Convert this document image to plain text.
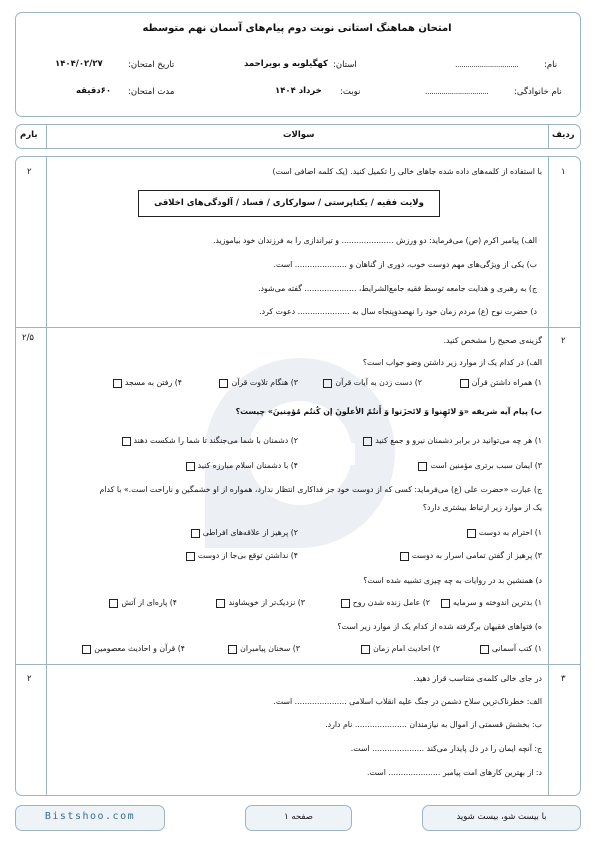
امتحان هماهنگ استانی نوبت دوم پیام‌های آسمان نهم متوسطه
نام:
...............................
استان:
کهگیلویه و بویراحمد
تاریخ امتحان:
۱۴۰۴/۰۲/۲۷
نام خانوادگی:
...............................
نوبت:
خرداد ۱۴۰۴
مدت امتحان:
۶۰دقیقه
ردیف
سوالات
بارم
۱
۲	با استفاده از کلمه‌های داده شده جاهای خالی را تکمیل کنید. (یک کلمه اضافی است)
ولایت فقیه / یکتاپرستی / سوارکاری / فساد / آلودگی‌های اخلاقی
الف) پیامبر اکرم (ص) می‌فرماید: دو ورزش ..................... و تیراندازی را به فرزندان خود بیاموزید.
ب) یکی از ویژگی‌های مهم دوست خوب، دوری از گناهان و ..................... است.
ج) به رهبری و هدایت جامعه توسط فقیه جامع‌الشرایط، ..................... گفته می‌شود.
د) حضرت نوح (ع) مردم زمان خود را نهصدوپنجاه سال به ..................... دعوت کرد.
۲
۲/۵	گزینه‌ی صحیح را مشخص کنید.
الف) در کدام یک از موارد زیر داشتن وضو جواب است؟
۱) همراه داشتن قرآن
۲) دست زدن به آیات قرآن
۳) هنگام تلاوت قرآن
۴) رفتن به مسجد
ب) پیام آیه شریفه «وَ لاتَهِنوا وَ لاتَحزَنوا وَ أَنتُمُ الأعلَونَ إن کُنتُم مُؤمِنینَ» چیست؟
۱) هر چه می‌توانید در برابر دشمنان نیرو و جمع کنید
۲) دشمنان با شما می‌جنگند تا شما را شکست دهند
۳) ایمان سبب برتری مؤمنین است
۴) با دشمنان اسلام مبارزه کنید
ج) عبارت «حضرت علی (ع) می‌فرماید: کسی که از دوست خود جز فداکاری انتظار ندارد، همواره از او خشمگین و ناراحت است.» با کدام
یک از موارد زیر ارتباط بیشتری دارد؟
۱) احترام به دوست
۲) پرهیز از علاقه‌های افراطی
۳) پرهیز از گفتن تمامی اسرار به دوست
۴) نداشتن توقع بی‌جا از دوست
د) همنشین بد در روایات به چه چیزی تشبیه شده است؟
۱) بدترین اندوخته و سرمایه
۲) عامل زنده شدن روح
۳) نزدیک‌تر از خویشاوند
۴) پاره‌ای از آتش
ه) فتواهای فقیهان برگرفته شده از کدام یک از موارد زیر است؟
۱) کتب آسمانی
۲) احادیث امام زمان
۳) سخنان پیامبران
۴) قرآن و احادیث معصومین
۳
۲	در جای خالی کلمه‌ی متناسب قرار دهید.
الف: خطرناک‌ترین سلاح دشمن در جنگ علیه انقلاب اسلامی ..................... است.
ب: بخشش قسمتی از اموال به نیازمندان ..................... نام دارد.
ج: آنچه ایمان را در دل پایدار می‌کند ..................... است.
د: از بهترین کارهای امت پیامبر ..................... است.
Bistshoo.com	صفحه ۱	با بیست شو، بیست شوید
